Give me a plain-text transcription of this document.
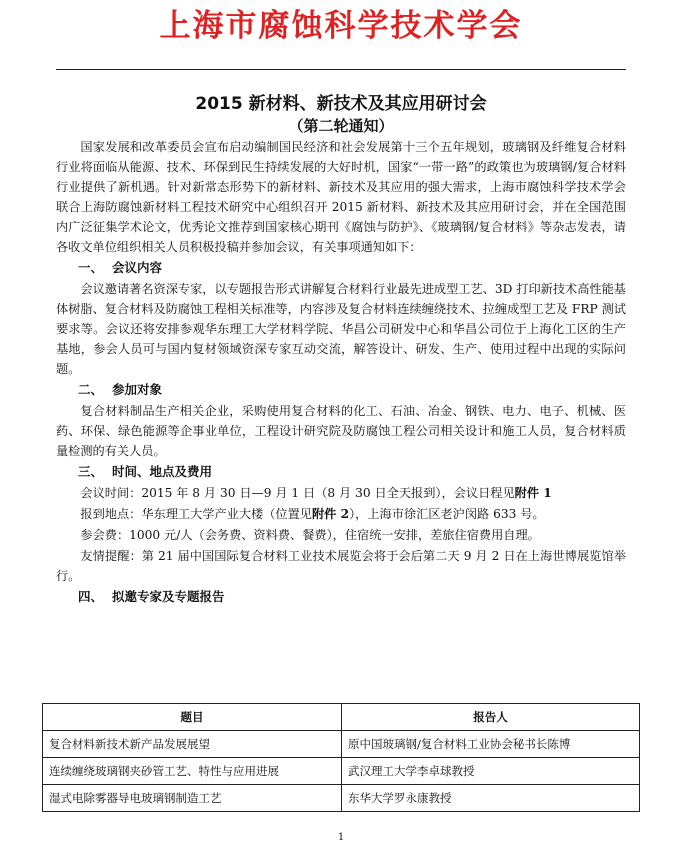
上海市腐蚀科学技术学会
2015 新材料、新技术及其应用研讨会
（第二轮通知）

国家发展和改革委员会宣布启动编制国民经济和社会发展第十三个五年规划，玻璃钢及纤维复合材料行业将面临从能源、技术、环保到民生持续发展的大好时机，国家“一带一路”的政策也为玻璃钢/复合材料行业提供了新机遇。针对新常态形势下的新材料、新技术及其应用的强大需求，上海市腐蚀科学技术学会联合上海防腐蚀新材料工程技术研究中心组织召开 2015 新材料、新技术及其应用研讨会，并在全国范围内广泛征集学术论文，优秀论文推荐到国家核心期刊《腐蚀与防护》、《玻璃钢/复合材料》等杂志发表，请各收文单位组织相关人员积极投稿并参加会议，有关事项通知如下：

一、 会议内容

会议邀请著名资深专家，以专题报告形式讲解复合材料行业最先进成型工艺、3D 打印新技术高性能基体树脂、复合材料及防腐蚀工程相关标准等，内容涉及复合材料连续缠绕技术、拉缠成型工艺及 FRP 测试要求等。会议还将安排参观华东理工大学材料学院、华昌公司研发中心和华昌公司位于上海化工区的生产基地，参会人员可与国内复材领域资深专家互动交流，解答设计、研发、生产、使用过程中出现的实际问题。

二、 参加对象

复合材料制品生产相关企业，采购使用复合材料的化工、石油、冶金、钢铁、电力、电子、机械、医药、环保、绿色能源等企事业单位，工程设计研究院及防腐蚀工程公司相关设计和施工人员，复合材料质量检测的有关人员。

三、 时间、地点及费用

会议时间：2015 年 8 月 30 日—9 月 1 日（8 月 30 日全天报到），会议日程见附件 1

报到地点：华东理工大学产业大楼（位置见附件 2），上海市徐汇区老沪闵路 633 号。

参会费：1000 元/人（会务费、资料费、餐费），住宿统一安排，差旅住宿费用自理。

友情提醒：第 21 届中国国际复合材料工业技术展览会将于会后第二天 9 月 2 日在上海世博展览馆举行。

四、 拟邀专家及专题报告

题目	报告人
复合材料新技术新产品发展展望	原中国玻璃钢/复合材料工业协会秘书长陈博
连续缠绕玻璃钢夹砂管工艺、特性与应用进展	武汉理工大学李卓球教授
湿式电除雾器导电玻璃钢制造工艺	东华大学罗永康教授
1
